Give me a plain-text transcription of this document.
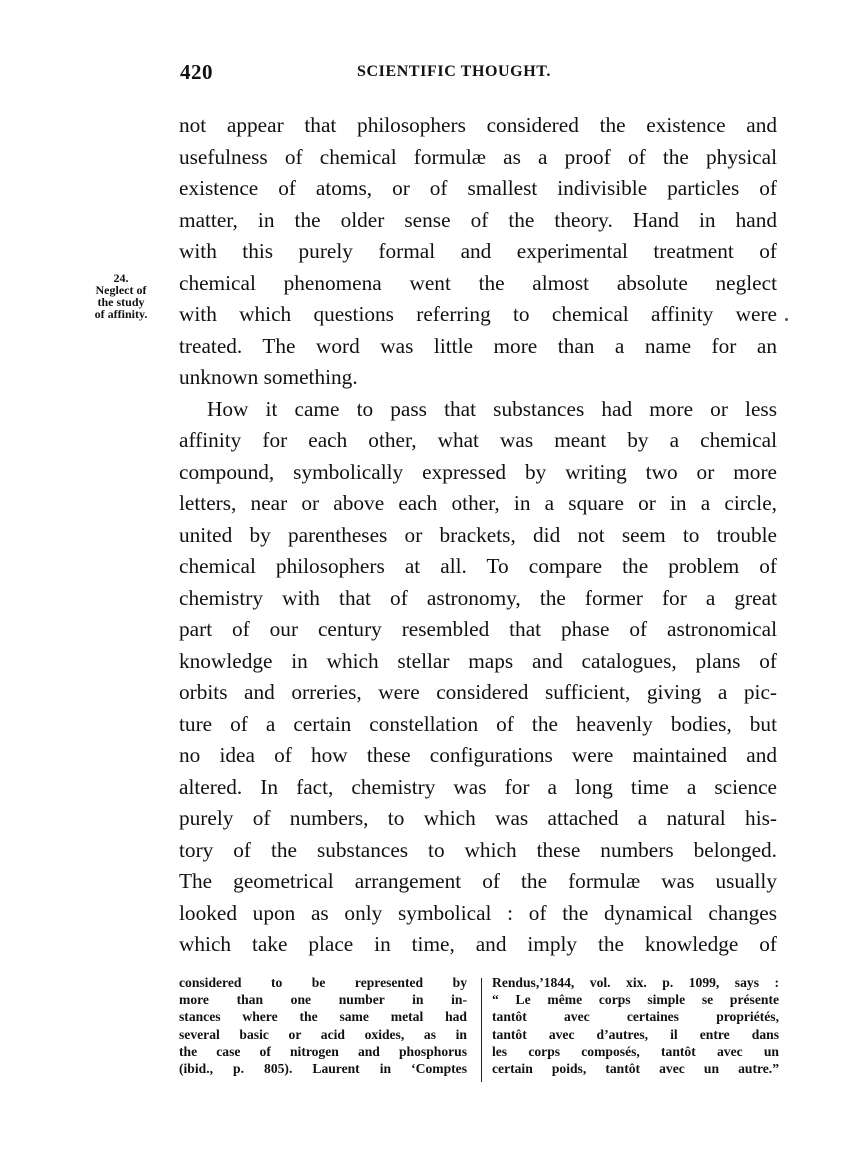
420	SCIENTIFIC THOUGHT.
24.
Neglect of
the study
of affinity.
not appear that philosophers considered the existence and
usefulness of chemical formulæ as a proof of the physical
existence of atoms, or of smallest indivisible particles of
matter, in the older sense of the theory. Hand in hand
with this purely formal and experimental treatment of
chemical phenomena went the almost absolute neglect
with which questions referring to chemical affinity were
treated. The word was little more than a name for an
unknown something.
How it came to pass that substances had more or less
affinity for each other, what was meant by a chemical
compound, symbolically expressed by writing two or more
letters, near or above each other, in a square or in a circle,
united by parentheses or brackets, did not seem to trouble
chemical philosophers at all. To compare the problem of
chemistry with that of astronomy, the former for a great
part of our century resembled that phase of astronomical
knowledge in which stellar maps and catalogues, plans of
orbits and orreries, were considered sufficient, giving a pic-
ture of a certain constellation of the heavenly bodies, but
no idea of how these configurations were maintained and
altered. In fact, chemistry was for a long time a science
purely of numbers, to which was attached a natural his-
tory of the substances to which these numbers belonged.
The geometrical arrangement of the formulæ was usually
looked upon as only symbolical : of the dynamical changes
which take place in time, and imply the knowledge of
considered to be represented by
more than one number in in-
stances where the same metal had
several basic or acid oxides, as in
the case of nitrogen and phosphorus
(ibid., p. 805). Laurent in ‘Comptes
Rendus,’1844, vol. xix. p. 1099, says :
“ Le même corps simple se présente
tantôt avec certaines propriétés,
tantôt avec d’autres, il entre dans
les corps composés, tantôt avec un
certain poids, tantôt avec un autre.”
